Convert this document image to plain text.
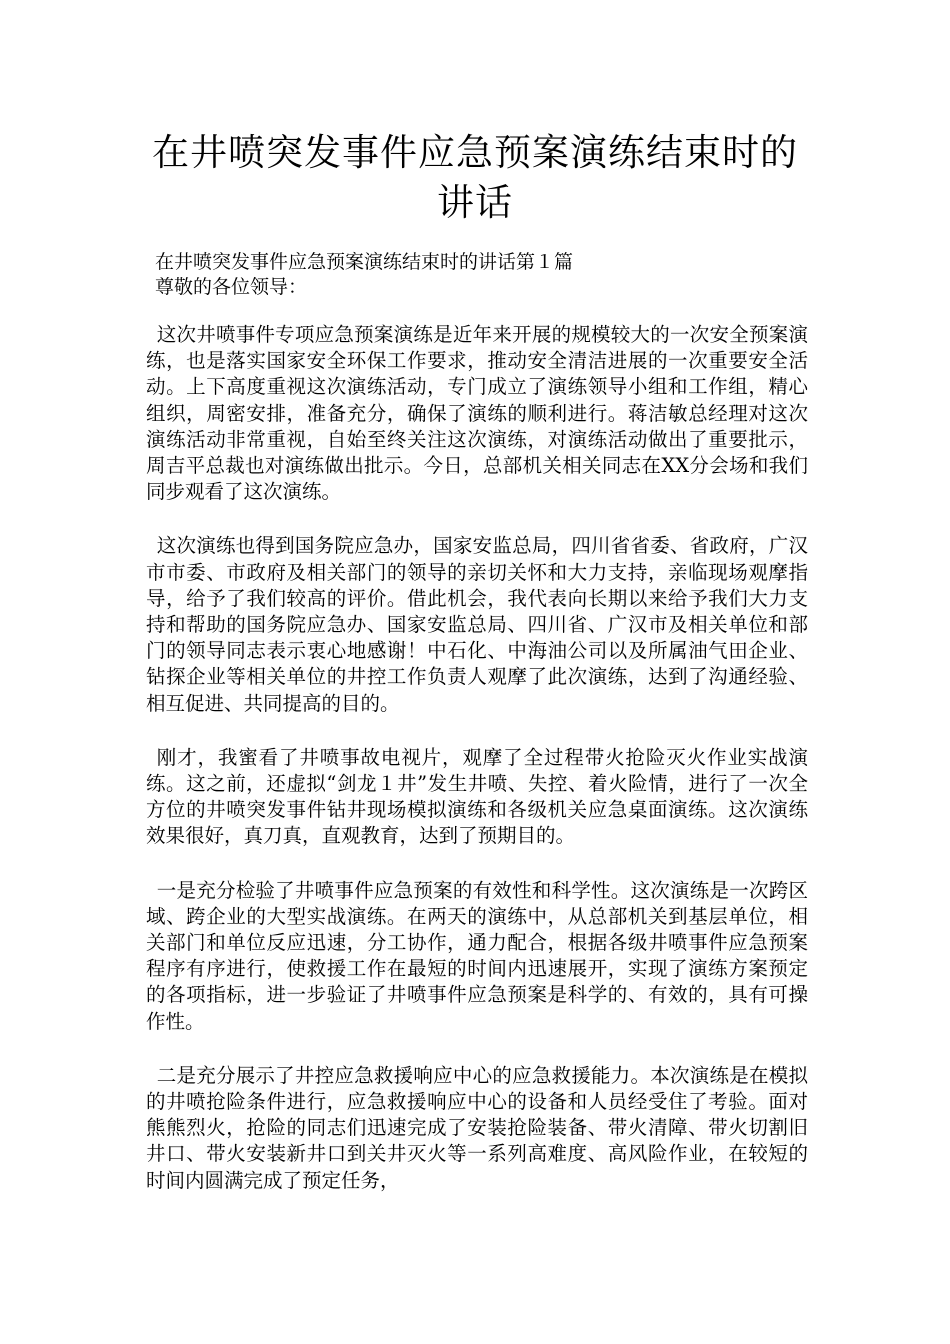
在井喷突发事件应急预案演练结束时的讲话
在井喷突发事件应急预案演练结束时的讲话第１篇
尊敬的各位领导：

这次井喷事件专项应急预案演练是近年来开展的规模较大的一次安全预案演练，也是落实国家安全环保工作要求，推动安全清洁进展的一次重要安全活动。上下高度重视这次演练活动，专门成立了演练领导小组和工作组，精心组织，周密安排，准备充分，确保了演练的顺利进行。蒋洁敏总经理对这次演练活动非常重视，自始至终关注这次演练，对演练活动做出了重要批示，周吉平总裁也对演练做出批示。今日，总部机关相关同志在XX分会场和我们同步观看了这次演练。

这次演练也得到国务院应急办，国家安监总局，四川省省委、省政府，广汉市市委、市政府及相关部门的领导的亲切关怀和大力支持，亲临现场观摩指导，给予了我们较高的评价。借此机会，我代表向长期以来给予我们大力支持和帮助的国务院应急办、国家安监总局、四川省、广汉市及相关单位和部门的领导同志表示衷心地感谢！中石化、中海油公司以及所属油气田企业、钻探企业等相关单位的井控工作负责人观摩了此次演练，达到了沟通经验、相互促进、共同提高的目的。

刚才，我蜜看了井喷事故电视片，观摩了全过程带火抢险灭火作业实战演练。这之前，还虚拟“剑龙１井”发生井喷、失控、着火险情，进行了一次全方位的井喷突发事件钻井现场模拟演练和各级机关应急桌面演练。这次演练效果很好，真刀真，直观教育，达到了预期目的。

一是充分检验了井喷事件应急预案的有效性和科学性。这次演练是一次跨区域、跨企业的大型实战演练。在两天的演练中，从总部机关到基层单位，相关部门和单位反应迅速，分工协作，通力配合，根据各级井喷事件应急预案程序有序进行，使救援工作在最短的时间内迅速展开，实现了演练方案预定的各项指标，进一步验证了井喷事件应急预案是科学的、有效的，具有可操作性。

二是充分展示了井控应急救援响应中心的应急救援能力。本次演练是在模拟的井喷抢险条件进行，应急救援响应中心的设备和人员经受住了考验。面对熊熊烈火，抢险的同志们迅速完成了安装抢险装备、带火清障、带火切割旧井口、带火安装新井口到关井灭火等一系列高难度、高风险作业，在较短的时间内圆满完成了预定任务，
